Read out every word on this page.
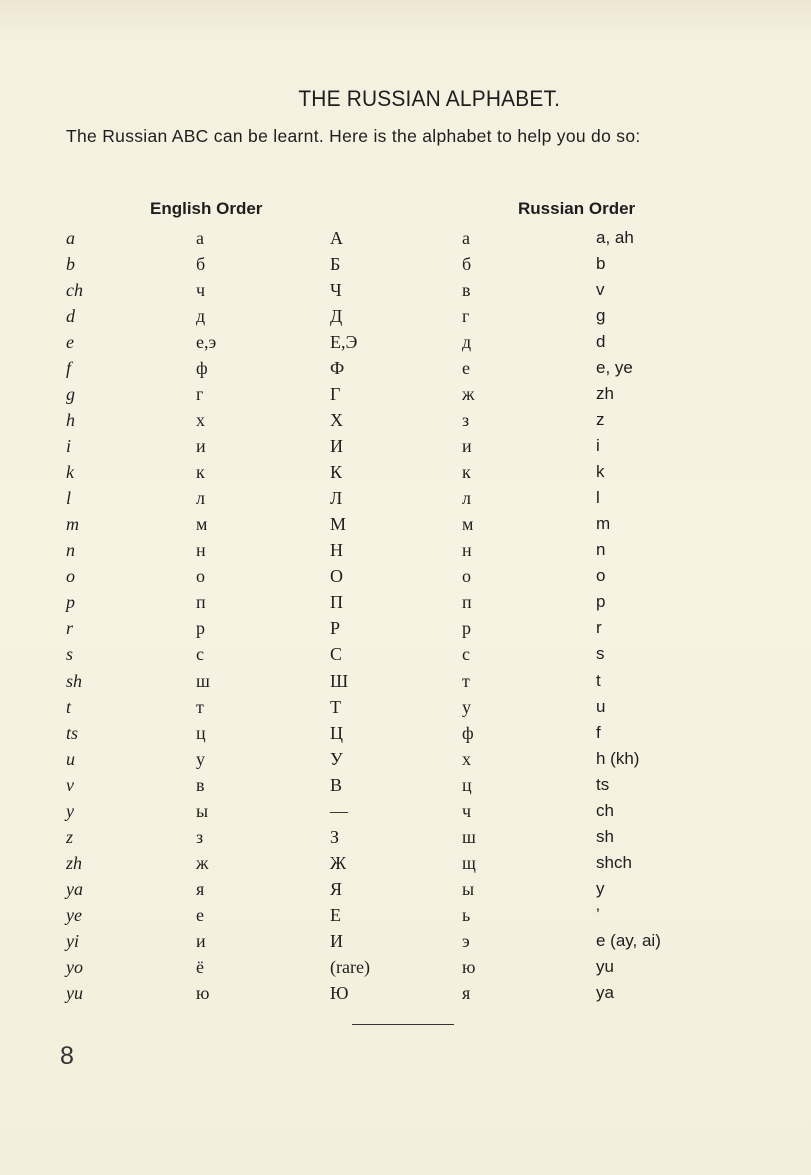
THE RUSSIAN ALPHABET.
The Russian ABC can be learnt. Here is the alphabet to help you do so:
English Order	Russian Order
a	а	А	а	a, ah
b	б	Б	б	b
ch	ч	Ч	в	v
d	д	Д	г	g
e	е,э	Е,Э	д	d
f	ф	Ф	е	e, ye
g	г	Г	ж	zh
h	х	Х	з	z
i	и	И	и	i
k	к	К	к	k
l	л	Л	л	l
m	м	М	м	m
n	н	Н	н	n
o	о	О	о	o
p	п	П	п	p
r	р	Р	р	r
s	с	С	с	s
sh	ш	Ш	т	t
t	т	Т	у	u
ts	ц	Ц	ф	f
u	у	У	х	h (kh)
v	в	В	ц	ts
y	ы	—	ч	ch
z	з	З	ш	sh
zh	ж	Ж	щ	shch
ya	я	Я	ы	y
ye	е	Е	ь	’
yi	и	И	э	e (ay, ai)
yo	ё	(rare)	ю	yu
yu	ю	Ю	я	ya
8
